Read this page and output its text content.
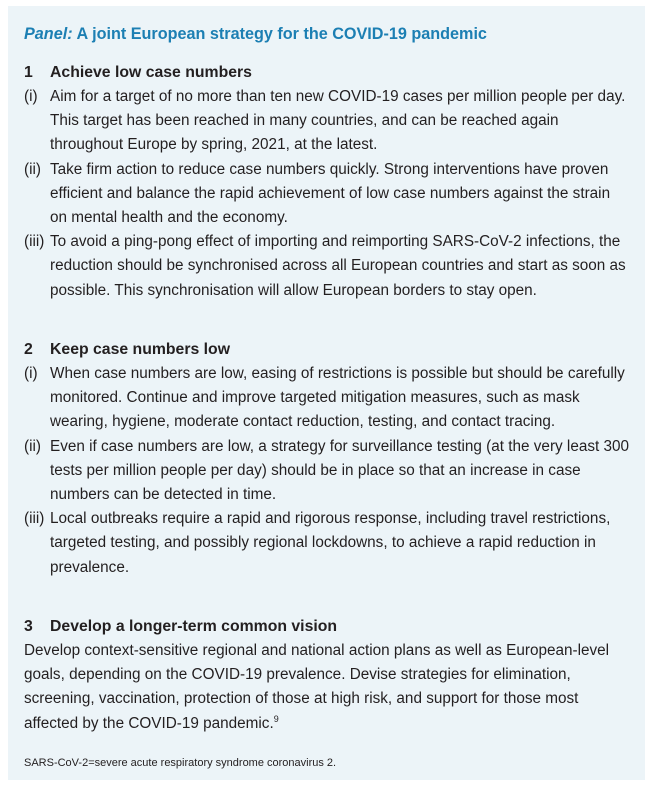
Panel: A joint European strategy for the COVID-19 pandemic
1 Achieve low case numbers
(i) Aim for a target of no more than ten new COVID-19 cases per million people per day. This target has been reached in many countries, and can be reached again throughout Europe by spring, 2021, at the latest.
(ii) Take firm action to reduce case numbers quickly. Strong interventions have proven efficient and balance the rapid achievement of low case numbers against the strain on mental health and the economy.
(iii) To avoid a ping-pong effect of importing and reimporting SARS-CoV-2 infections, the reduction should be synchronised across all European countries and start as soon as possible. This synchronisation will allow European borders to stay open.
2 Keep case numbers low
(i) When case numbers are low, easing of restrictions is possible but should be carefully monitored. Continue and improve targeted mitigation measures, such as mask wearing, hygiene, moderate contact reduction, testing, and contact tracing.
(ii) Even if case numbers are low, a strategy for surveillance testing (at the very least 300 tests per million people per day) should be in place so that an increase in case numbers can be detected in time.
(iii) Local outbreaks require a rapid and rigorous response, including travel restrictions, targeted testing, and possibly regional lockdowns, to achieve a rapid reduction in prevalence.
3 Develop a longer-term common vision

Develop context-sensitive regional and national action plans as well as European-level goals, depending on the COVID-19 prevalence. Devise strategies for elimination, screening, vaccination, protection of those at high risk, and support for those most affected by the COVID-19 pandemic.$^9$

SARS-CoV-2=severe acute respiratory syndrome coronavirus 2.
